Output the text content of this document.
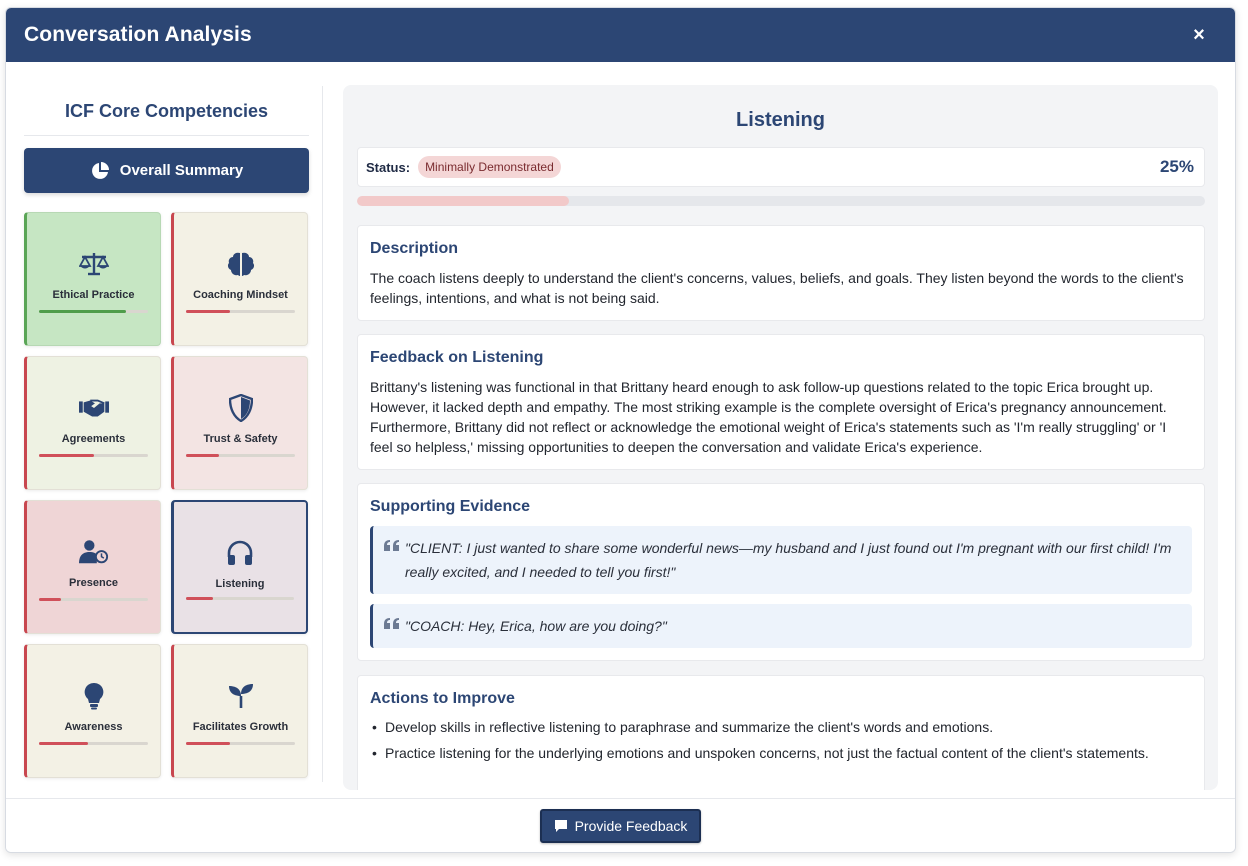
Conversation Analysis	×
ICF Core Competencies
Overall Summary
Ethical Practice	Coaching Mindset
Agreements	Trust & Safety
Presence	Listening
Awareness	Facilitates Growth
Listening
Status:	Minimally Demonstrated	25%
Description

The coach listens deeply to understand the client's concerns, values, beliefs, and goals. They listen beyond the words to the client's feelings, intentions, and what is not being said.

Feedback on Listening

Brittany's listening was functional in that Brittany heard enough to ask follow-up questions related to the topic Erica brought up. However, it lacked depth and empathy. The most striking example is the complete oversight of Erica's pregnancy announcement. Furthermore, Brittany did not reflect or acknowledge the emotional weight of Erica's statements such as 'I'm really struggling' or 'I feel so helpless,' missing opportunities to deepen the conversation and validate Erica's experience.

Supporting Evidence
"CLIENT: I just wanted to share some wonderful news—my husband and I just found out I'm pregnant with our first child! I'm really excited, and I needed to tell you first!"
"COACH: Hey, Erica, how are you doing?"
Actions to Improve
• Develop skills in reflective listening to paraphrase and summarize the client's words and emotions.
• Practice listening for the underlying emotions and unspoken concerns, not just the factual content of the client's statements.
Provide Feedback
